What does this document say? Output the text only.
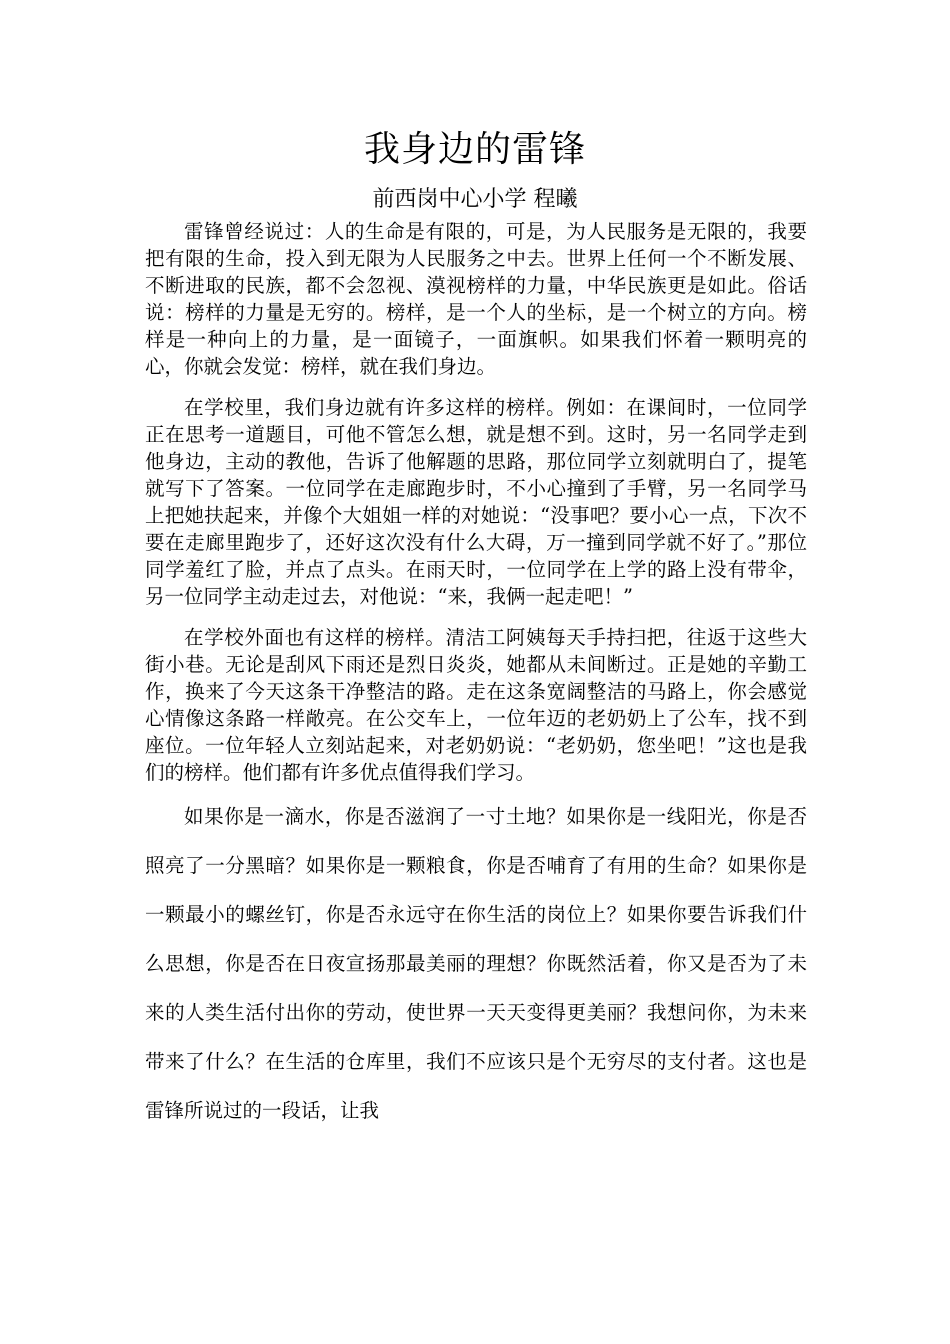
我身边的雷锋
前西岗中心小学 程曦

雷锋曾经说过：人的生命是有限的，可是，为人民服务是无限的，我要把有限的生命，投入到无限为人民服务之中去。世界上任何一个不断发展、不断进取的民族，都不会忽视、漠视榜样的力量，中华民族更是如此。俗话说：榜样的力量是无穷的。榜样，是一个人的坐标，是一个树立的方向。榜样是一种向上的力量，是一面镜子，一面旗帜。如果我们怀着一颗明亮的心，你就会发觉：榜样，就在我们身边。

在学校里，我们身边就有许多这样的榜样。例如：在课间时，一位同学正在思考一道题目，可他不管怎么想，就是想不到。这时，另一名同学走到他身边，主动的教他，告诉了他解题的思路，那位同学立刻就明白了，提笔就写下了答案。一位同学在走廊跑步时，不小心撞到了手臂，另一名同学马上把她扶起来，并像个大姐姐一样的对她说：“没事吧？要小心一点，下次不要在走廊里跑步了，还好这次没有什么大碍，万一撞到同学就不好了。”那位同学羞红了脸，并点了点头。在雨天时，一位同学在上学的路上没有带伞，另一位同学主动走过去，对他说：“来，我俩一起走吧！”

在学校外面也有这样的榜样。清洁工阿姨每天手持扫把，往返于这些大街小巷。无论是刮风下雨还是烈日炎炎，她都从未间断过。正是她的辛勤工作，换来了今天这条干净整洁的路。走在这条宽阔整洁的马路上，你会感觉心情像这条路一样敞亮。在公交车上，一位年迈的老奶奶上了公车，找不到座位。一位年轻人立刻站起来，对老奶奶说：“老奶奶，您坐吧！”这也是我们的榜样。他们都有许多优点值得我们学习。

如果你是一滴水，你是否滋润了一寸土地？如果你是一线阳光，你是否照亮了一分黑暗？如果你是一颗粮食，你是否哺育了有用的生命？如果你是一颗最小的螺丝钉，你是否永远守在你生活的岗位上？如果你要告诉我们什么思想，你是否在日夜宣扬那最美丽的理想？你既然活着，你又是否为了未来的人类生活付出你的劳动，使世界一天天变得更美丽？我想问你，为未来带来了什么？在生活的仓库里，我们不应该只是个无穷尽的支付者。这也是雷锋所说过的一段话，让我
